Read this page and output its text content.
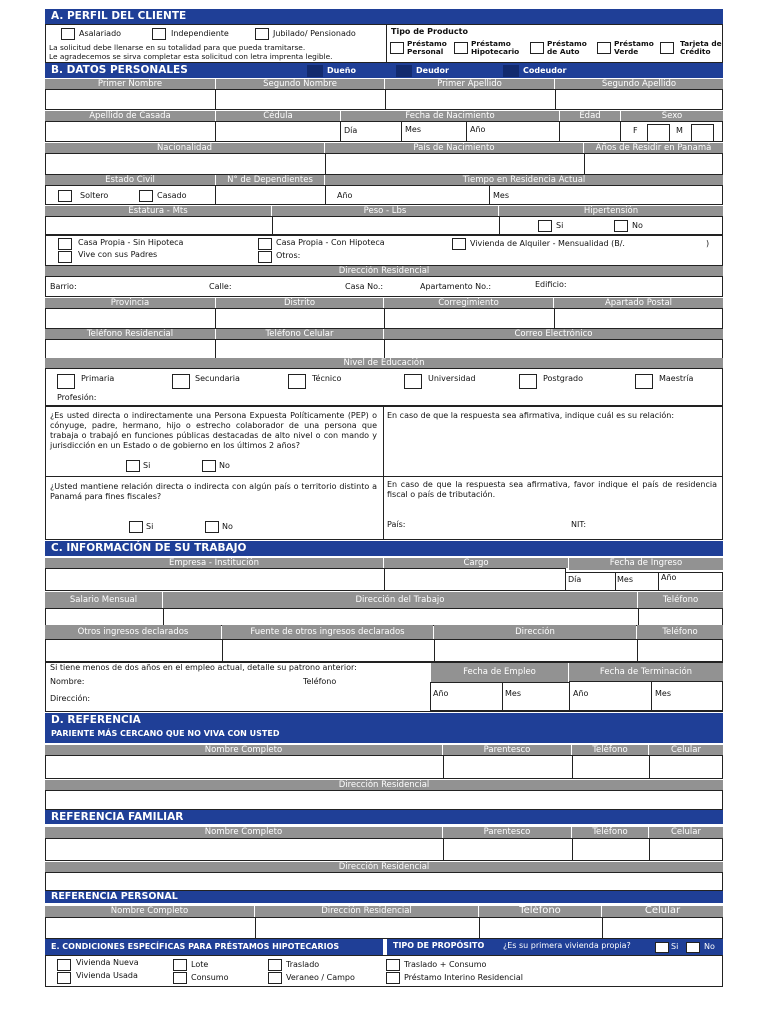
A. PERFIL DEL CLIENTE
Asalariado	Independiente	Jubilado/ Pensionado
La solicitud debe llenarse en su totalidad para que pueda tramitarse.
Le agradecemos se sirva completar esta solicitud con letra imprenta legible.
Tipo de Producto
Préstamo
Personal
Préstamo
Hipotecario
Préstamo
de Auto
Préstamo
Verde
Tarjeta de
Crédito
B. DATOS PERSONALES	Dueño	Deudor	Codeudor
Primer Nombre	Segundo Nombre	Primer Apellido	Segundo Apellido
Apellido de Casada	Cédula	Fecha de Nacimiento	Edad	Sexo
Día	Mes	Año	F	M
Nacionalidad	País de Nacimiento	Años de Residir en Panamá
Estado Civil	N° de Dependientes	Tiempo en Residencia Actual
Soltero	Casado	Año	Mes
Estatura - Mts	Peso - Lbs	Hipertensión
Si	No
Casa Propia - Sin Hipoteca	Casa Propia - Con Hipoteca	Vivienda de Alquiler - Mensualidad (B/.	)
Vive con sus Padres	Otros:
Dirección Residencial
Barrio:	Calle:	Casa No.:	Apartamento No.:	Edificio:
Provincia	Distrito	Corregimiento	Apartado Postal
Teléfono Residencial	Teléfono Celular	Correo Electrónico
Nivel de Educación
Primaria	Secundaria	Técnico	Universidad	Postgrado	Maestría
Profesión:
¿Es usted directa o indirectamente una Persona Expuesta Políticamente (PEP) o cónyuge, padre, hermano, hijo o estrecho colaborador de una persona que trabaja o trabajó en funciones públicas destacadas de alto nivel o con mando y jurisdicción en un Estado o de gobierno en los últimos 2 años?
Si	No
En caso de que la respuesta sea afirmativa, indique cuál es su relación:
¿Usted mantiene relación directa o indirecta con algún país o territorio distinto a Panamá para fines fiscales?
Si	No
En caso de que la respuesta sea afirmativa, favor indique el país de residencia fiscal o país de tributación.
País:	NIT:
C. INFORMACIÓN DE SU TRABAJO
Empresa - Institución	Cargo	Fecha de Ingreso
Día	Mes	Año
Salario Mensual	Dirección del Trabajo	Teléfono
Otros ingresos declarados	Fuente de otros ingresos declarados	Dirección	Teléfono
Si tiene menos de dos años en el empleo actual, detalle su patrono anterior:
Nombre:	Teléfono
Dirección:
Fecha de Empleo	Fecha de Terminación
Año	Mes	Año	Mes
D. REFERENCIA
PARIENTE MÁS CERCANO QUE NO VIVA CON USTED
Nombre Completo	Parentesco	Teléfono	Celular
Dirección Residencial
REFERENCIA FAMILIAR
Nombre Completo	Parentesco	Teléfono	Celular
Dirección Residencial
REFERENCIA PERSONAL
Nombre Completo	Dirección Residencial	Teléfono	Celular
E. CONDICIONES ESPECÍFICAS PARA PRÉSTAMOS HIPOTECARIOS	TIPO DE PROPÓSITO ¿Es su primera vivienda propia?	Si	No
Vivienda Nueva
Vivienda Usada
Lote
Consumo
Traslado
Veraneo / Campo
Traslado + Consumo
Préstamo Interino Residencial
